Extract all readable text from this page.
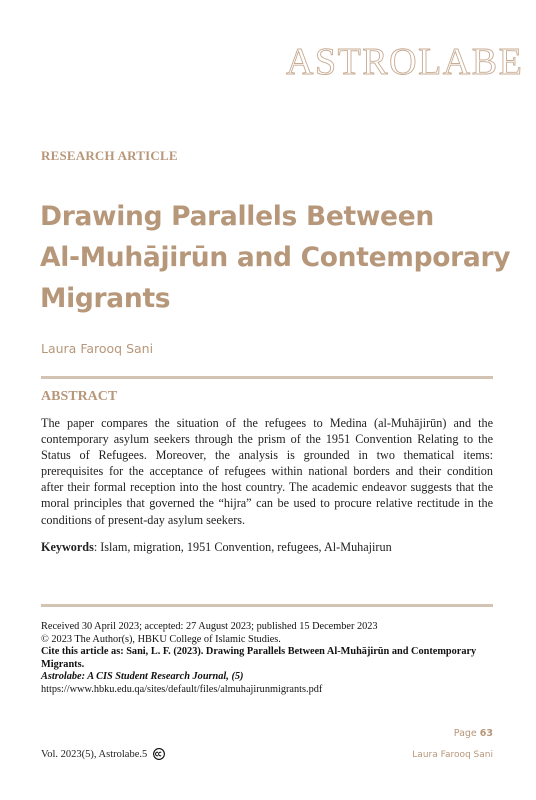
ASTROLABE
RESEARCH ARTICLE
Drawing Parallels Between
Al-Muhājirūn and Contemporary
Migrants
Laura Farooq Sani
ABSTRACT
The paper compares the situation of the refugees to Medina (al-Muhājirūn) and the
contemporary asylum seekers through the prism of the 1951 Convention Relating to the
Status of Refugees. Moreover, the analysis is grounded in two thematical items:
prerequisites for the acceptance of refugees within national borders and their condition
after their formal reception into the host country. The academic endeavor suggests that the
moral principles that governed the “hijra” can be used to procure relative rectitude in the
conditions of present-day asylum seekers.
Keywords: Islam, migration, 1951 Convention, refugees, Al-Muhajirun
Received 30 April 2023; accepted: 27 August 2023; published 15 December 2023
© 2023 The Author(s), HBKU College of Islamic Studies.
Cite this article as: Sani, L. F. (2023). Drawing Parallels Between Al-Muhājirūn and Contemporary
Migrants.
Astrolabe: A CIS Student Research Journal, (5)
https://www.hbku.edu.qa/sites/default/files/almuhajirunmigrants.pdf
Page 63
Vol. 2023(5), Astrolabe.5	Laura Farooq Sani
